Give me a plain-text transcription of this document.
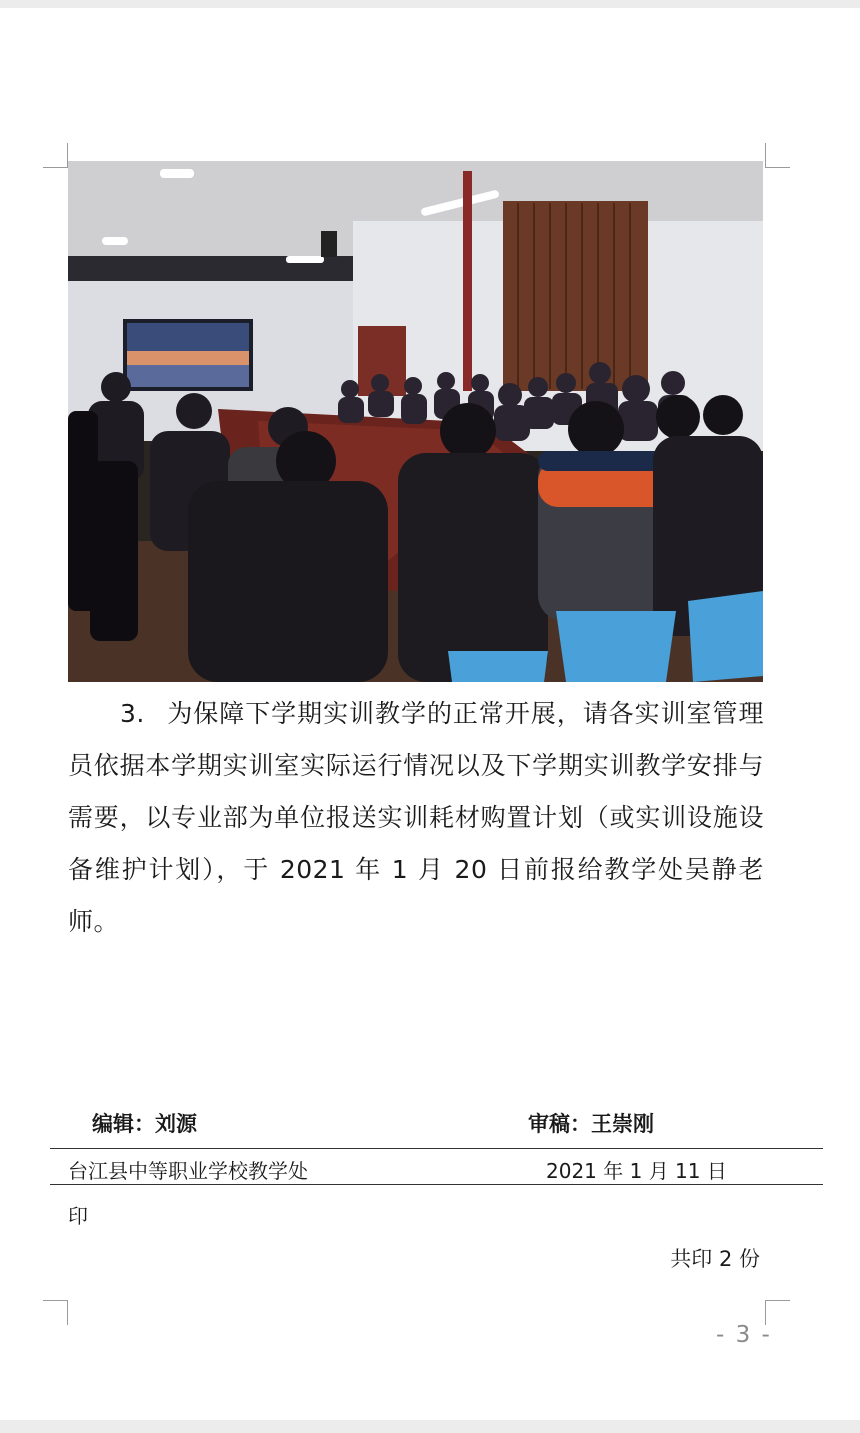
3. 为保障下学期实训教学的正常开展，请各实训室管理员依据本学期实训室实际运行情况以及下学期实训教学安排与需要，以专业部为单位报送实训耗材购置计划（或实训设施设备维护计划），于 2021 年 1 月 20 日前报给教学处吴静老师。
编辑：刘源	审稿：王崇刚
台江县中等职业学校教学处	2021 年 1 月 11 日
印
共印 2 份
- 3 -
